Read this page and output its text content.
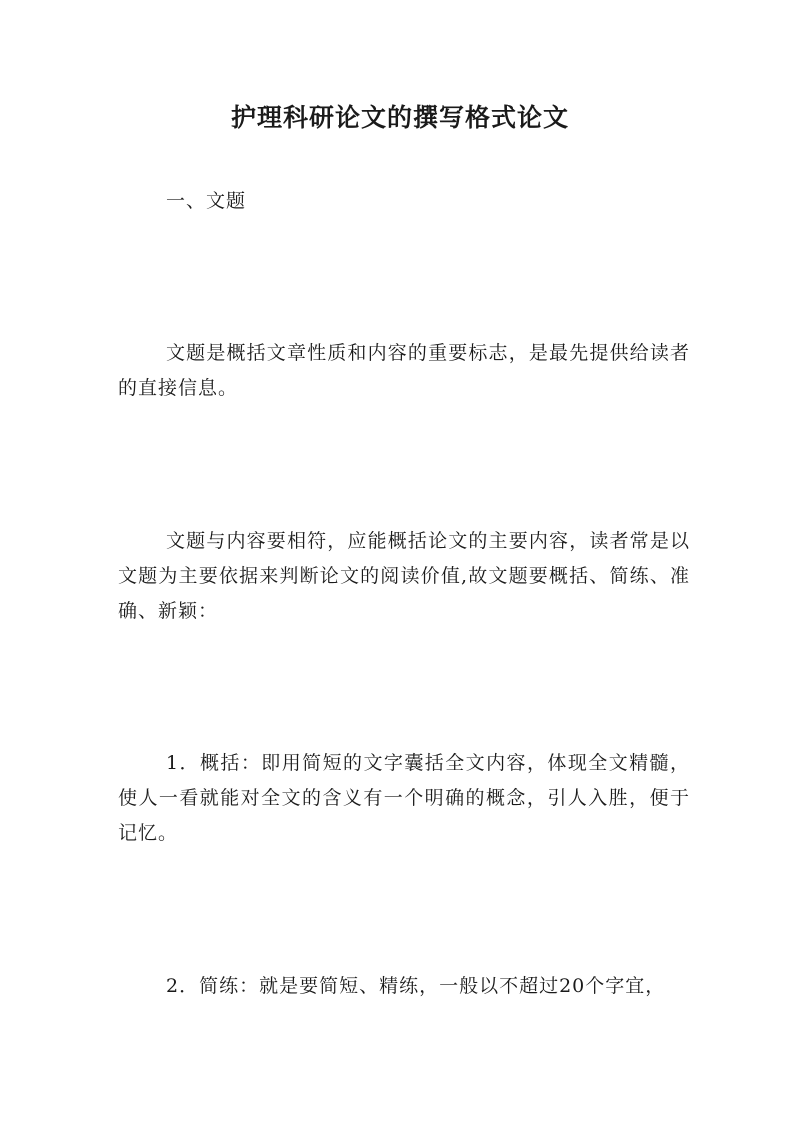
护理科研论文的撰写格式论文

一、文题

文题是概括文章性质和内容的重要标志，是最先提供给读者的直接信息。

文题与内容要相符，应能概括论文的主要内容，读者常是以文题为主要依据来判断论文的阅读价值,故文题要概括、简练、准确、新颖：

1．概括：即用简短的文字囊括全文内容，体现全文精髓，使人一看就能对全文的含义有一个明确的概念，引人入胜，便于记忆。

2．简练：就是要简短、精练，一般以不超过20个字宜，
